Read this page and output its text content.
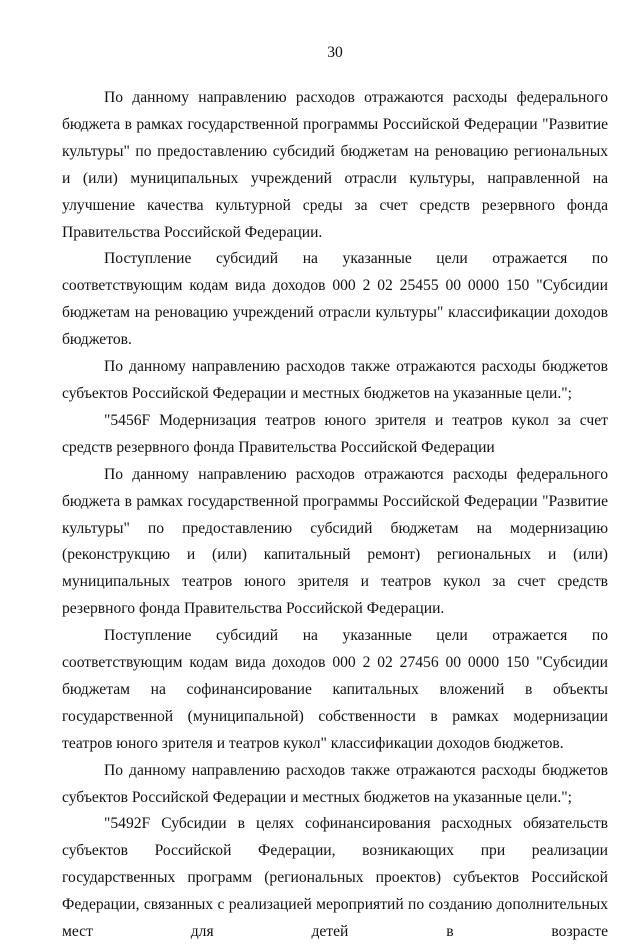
30

По данному направлению расходов отражаются расходы федерального бюджета в рамках государственной программы Российской Федерации "Развитие культуры" по предоставлению субсидий бюджетам на реновацию региональных и (или) муниципальных учреждений отрасли культуры, направленной на улучшение качества культурной среды за счет средств резервного фонда Правительства Российской Федерации.

Поступление субсидий на указанные цели отражается по соответствующим кодам вида доходов 000 2 02 25455 00 0000 150 "Субсидии бюджетам на реновацию учреждений отрасли культуры" классификации доходов бюджетов.

По данному направлению расходов также отражаются расходы бюджетов субъектов Российской Федерации и местных бюджетов на указанные цели.";

"5456F Модернизация театров юного зрителя и театров кукол за счет средств резервного фонда Правительства Российской Федерации

По данному направлению расходов отражаются расходы федерального бюджета в рамках государственной программы Российской Федерации "Развитие культуры" по предоставлению субсидий бюджетам на модернизацию (реконструкцию и (или) капитальный ремонт) региональных и (или) муниципальных театров юного зрителя и театров кукол за счет средств резервного фонда Правительства Российской Федерации.

Поступление субсидий на указанные цели отражается по соответствующим кодам вида доходов 000 2 02 27456 00 0000 150 "Субсидии бюджетам на софинансирование капитальных вложений в объекты государственной (муниципальной) собственности в рамках модернизации театров юного зрителя и театров кукол" классификации доходов бюджетов.

По данному направлению расходов также отражаются расходы бюджетов субъектов Российской Федерации и местных бюджетов на указанные цели.";

"5492F Субсидии в целях софинансирования расходных обязательств субъектов Российской Федерации, возникающих при реализации государственных программ (региональных проектов) субъектов Российской Федерации, связанных с реализацией мероприятий по созданию дополнительных мест для детей в возрасте
